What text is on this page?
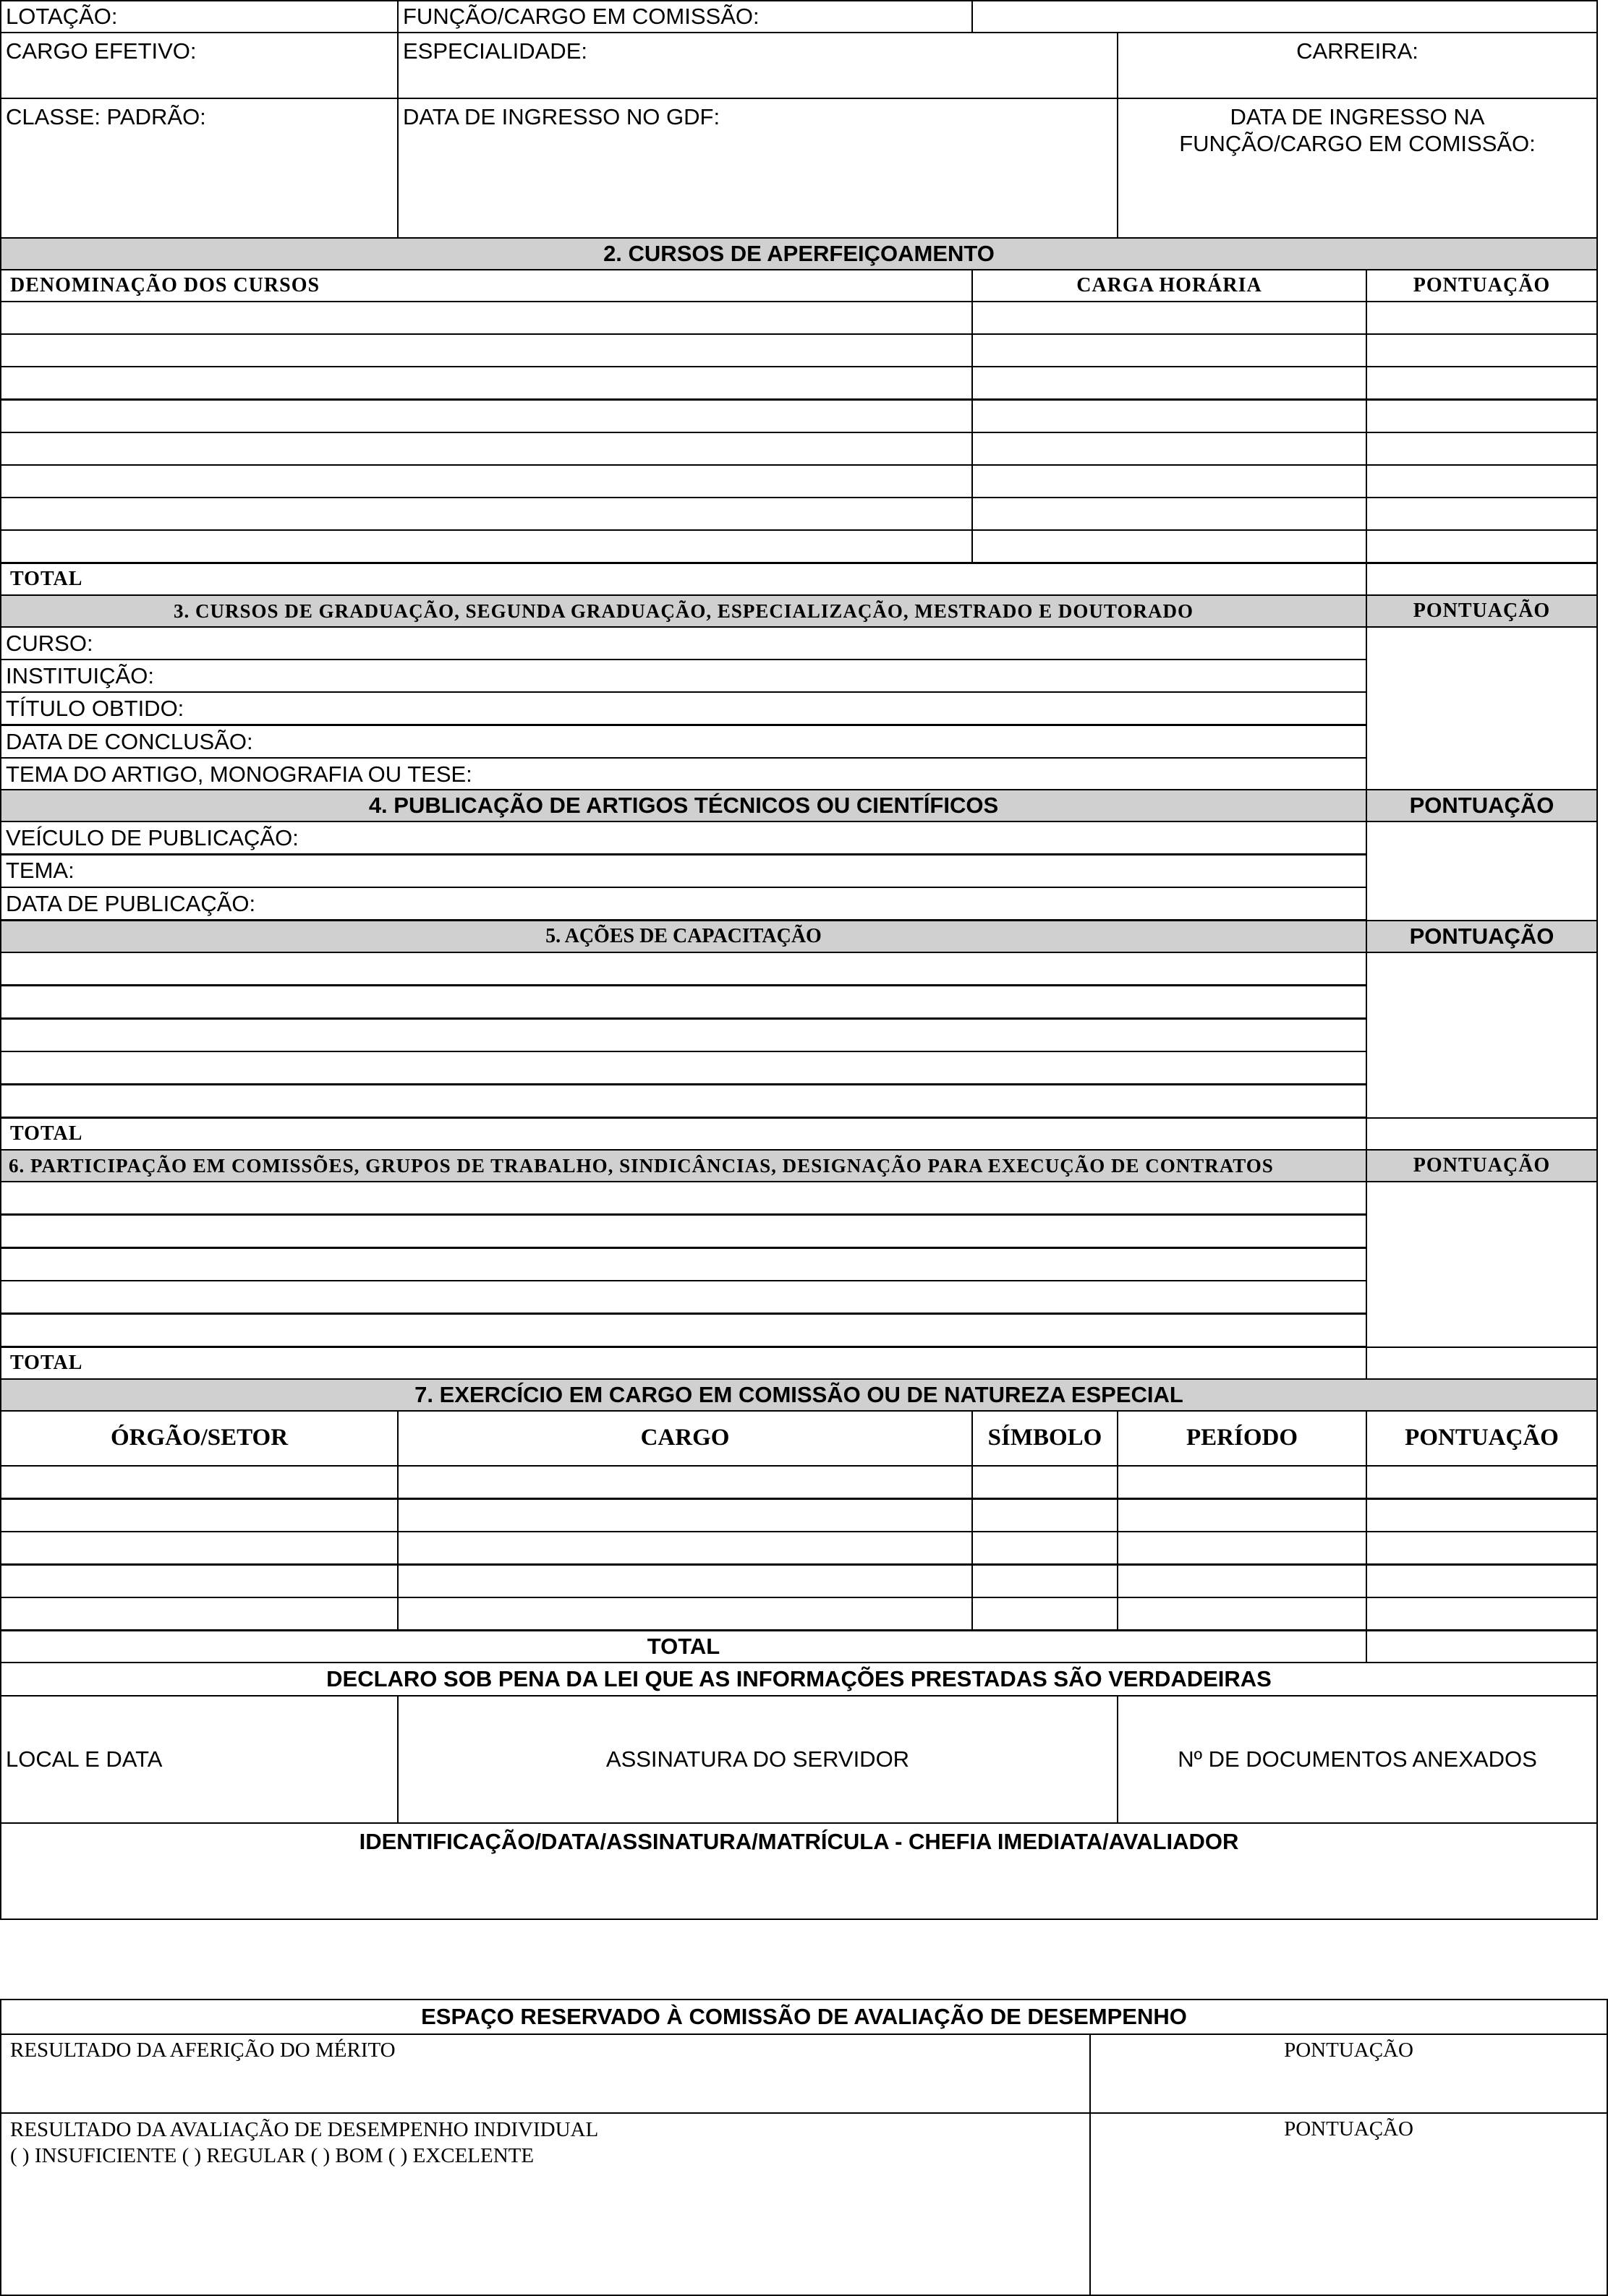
LOTAÇÃO:	FUNÇÃO/CARGO EM COMISSÃO:
CARGO EFETIVO:	ESPECIALIDADE:	CARREIRA:
CLASSE: PADRÃO:	DATA DE INGRESSO NO GDF:	DATA DE INGRESSO NA FUNÇÃO/CARGO EM COMISSÃO:
2. CURSOS DE APERFEIÇOAMENTO
DENOMINAÇÃO DOS CURSOS	CARGA HORÁRIA	PONTUAÇÃO
TOTAL
3. CURSOS DE GRADUAÇÃO, SEGUNDA GRADUAÇÃO, ESPECIALIZAÇÃO, MESTRADO E DOUTORADO	PONTUAÇÃO
CURSO:
INSTITUIÇÃO:
TÍTULO OBTIDO:
DATA DE CONCLUSÃO:
TEMA DO ARTIGO, MONOGRAFIA OU TESE:
4. PUBLICAÇÃO DE ARTIGOS TÉCNICOS OU CIENTÍFICOS	PONTUAÇÃO
VEÍCULO DE PUBLICAÇÃO:
TEMA:
DATA DE PUBLICAÇÃO:
5. AÇÕES DE CAPACITAÇÃO	PONTUAÇÃO
TOTAL
6. PARTICIPAÇÃO EM COMISSÕES, GRUPOS DE TRABALHO, SINDICÂNCIAS, DESIGNAÇÃO PARA EXECUÇÃO DE CONTRATOS	PONTUAÇÃO
TOTAL
7. EXERCÍCIO EM CARGO EM COMISSÃO OU DE NATUREZA ESPECIAL
ÓRGÃO/SETOR	CARGO	SÍMBOLO	PERÍODO	PONTUAÇÃO
TOTAL
DECLARO SOB PENA DA LEI QUE AS INFORMAÇÕES PRESTADAS SÃO VERDADEIRAS
LOCAL E DATA	ASSINATURA DO SERVIDOR	Nº DE DOCUMENTOS ANEXADOS
IDENTIFICAÇÃO/DATA/ASSINATURA/MATRÍCULA - CHEFIA IMEDIATA/AVALIADOR
ESPAÇO RESERVADO À COMISSÃO DE AVALIAÇÃO DE DESEMPENHO
RESULTADO DA AFERIÇÃO DO MÉRITO	PONTUAÇÃO
RESULTADO DA AVALIAÇÃO DE DESEMPENHO INDIVIDUAL
( ) INSUFICIENTE ( ) REGULAR ( ) BOM ( ) EXCELENTE
PONTUAÇÃO
